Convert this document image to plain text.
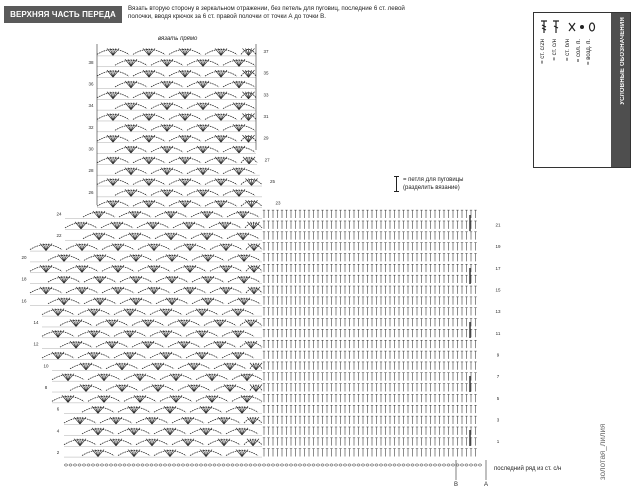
38
36
34
32
30
28
26
24
22
20
18
16
14
12
10
8
6
4
2
37
35
33
31
29
27
25
23
21
19
17
15
13
11
9
7
5
3
1
В	А
ВЕРХНЯЯ ЧАСТЬ ПЕРЕДА ДЛЯ Р3
Вязать вторую сторону в зеркальном отражении, без петель для пуговиц, последние 6 ст. левой полочки, вводя крючок за 6 ст. правой полочки от точки А до точки В.
вязать прямо
= петля для пуговицы
(разделить вязание)
последний ряд из ст. с/н
= возд. п.
= сол. п.
= ст. б/н
= ст. с/н
= ст. с/2н	УСЛОВНЫЕ ОБОЗНАЧЕНИЯ
золотая_лилия
